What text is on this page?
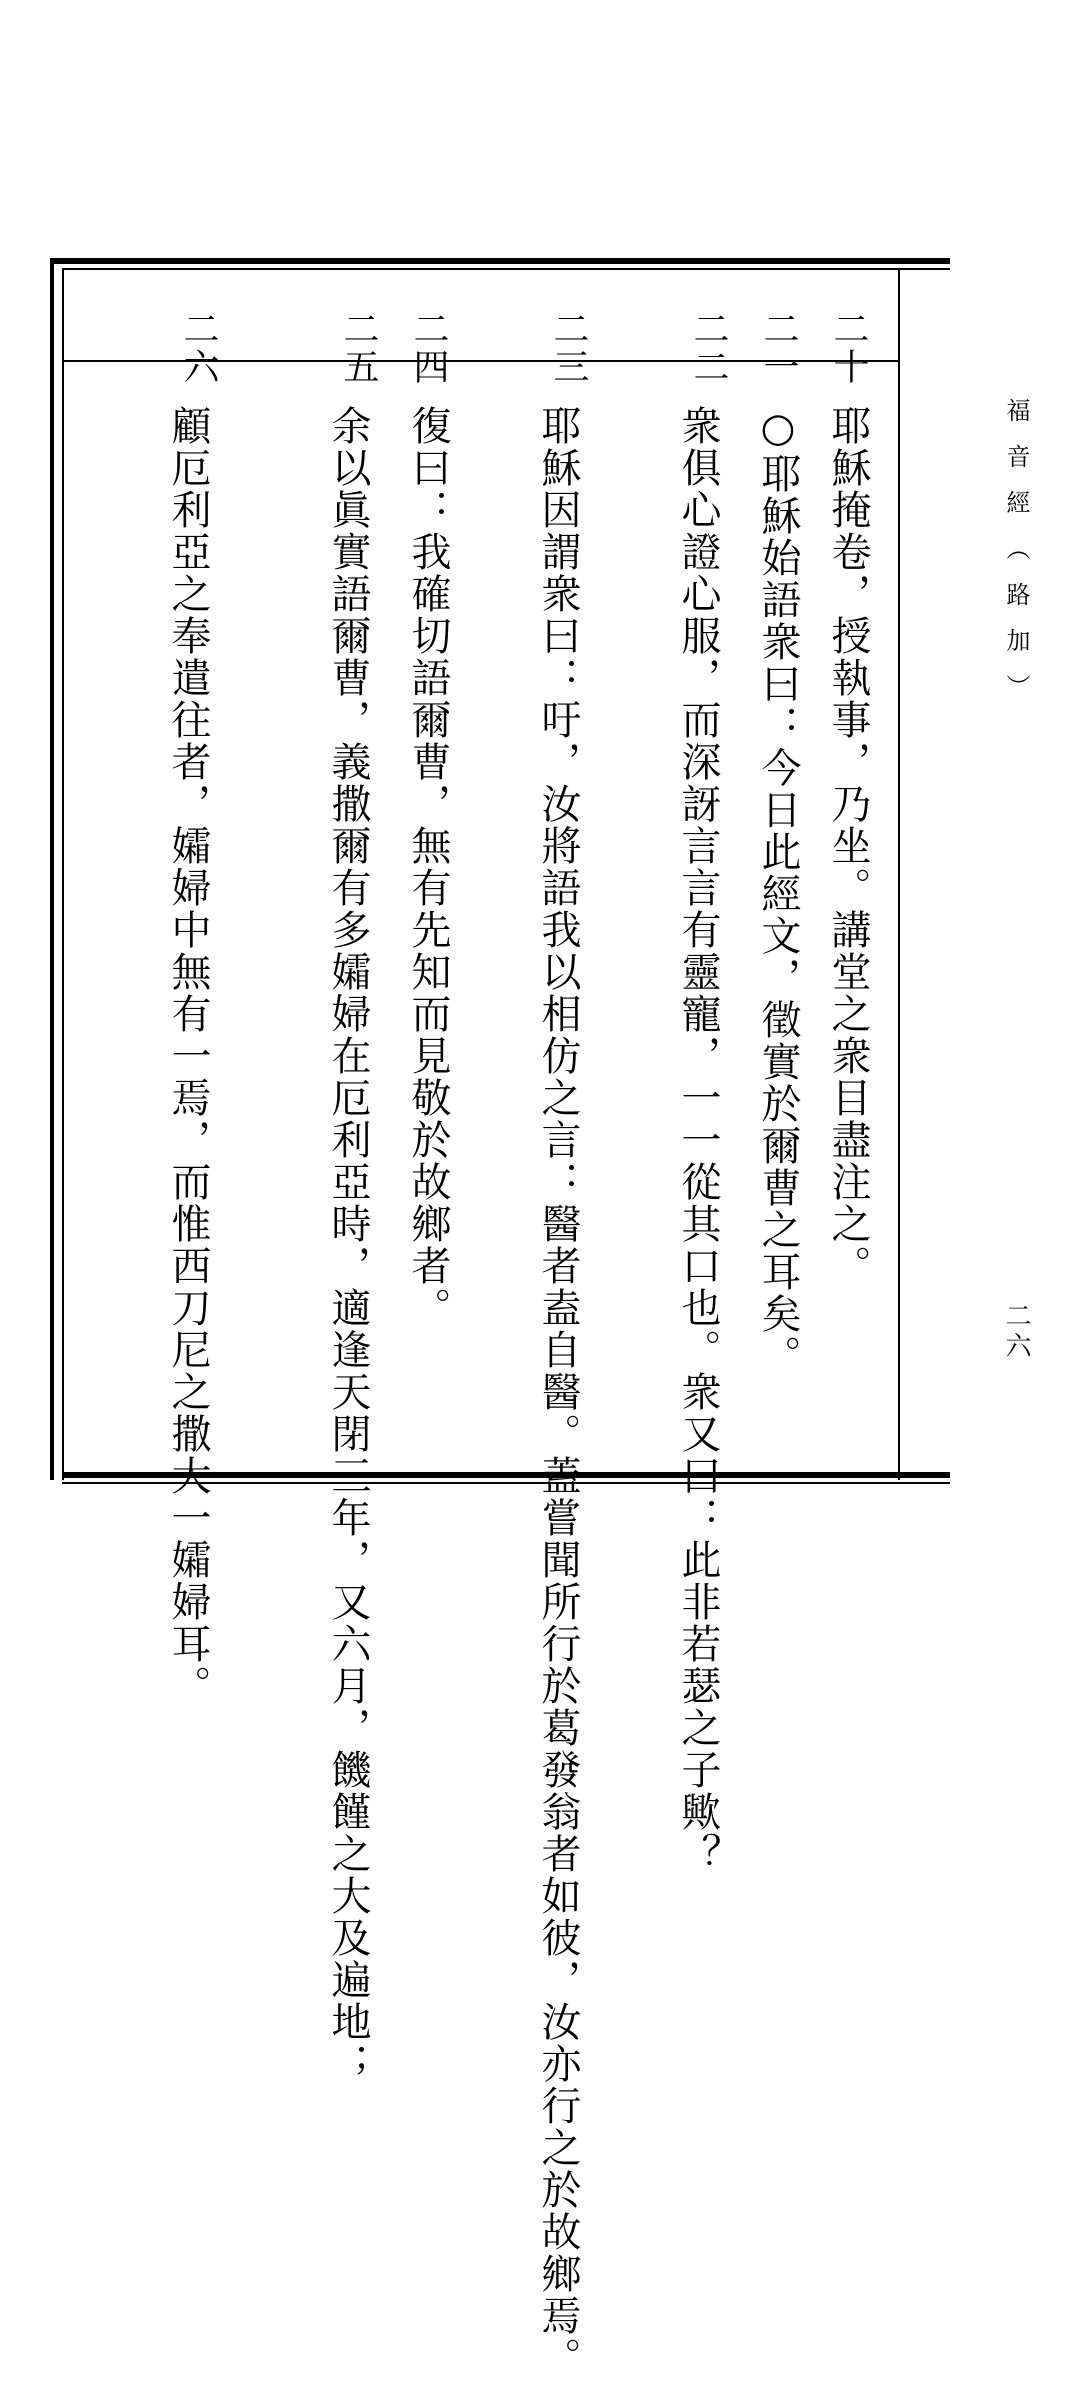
福音經（路加）
二六
二十
耶穌掩卷，授執事，乃坐。講堂之衆目盡注之。
二一
○耶穌始語衆曰：今日此經文，徵實於爾曹之耳矣。
二二
衆俱心證心服，而深訝言言有靈寵，一一從其口也。衆又曰：此非若瑟之子歟？
二三
耶穌因謂衆曰：吁，汝將語我以相仿之言：醫者盍自醫。蓋嘗聞所行於葛發翁者如彼，汝亦行之於故鄉焉。
二四
復曰：我確切語爾曹，無有先知而見敬於故鄉者。
二五
余以眞實語爾曹，義撒爾有多孀婦在厄利亞時，適逢天閉三年，又六月，饑饉之大及遍地；
二六
顧厄利亞之奉遣往者，孀婦中無有一焉，而惟西刀尼之撒大一孀婦耳。
